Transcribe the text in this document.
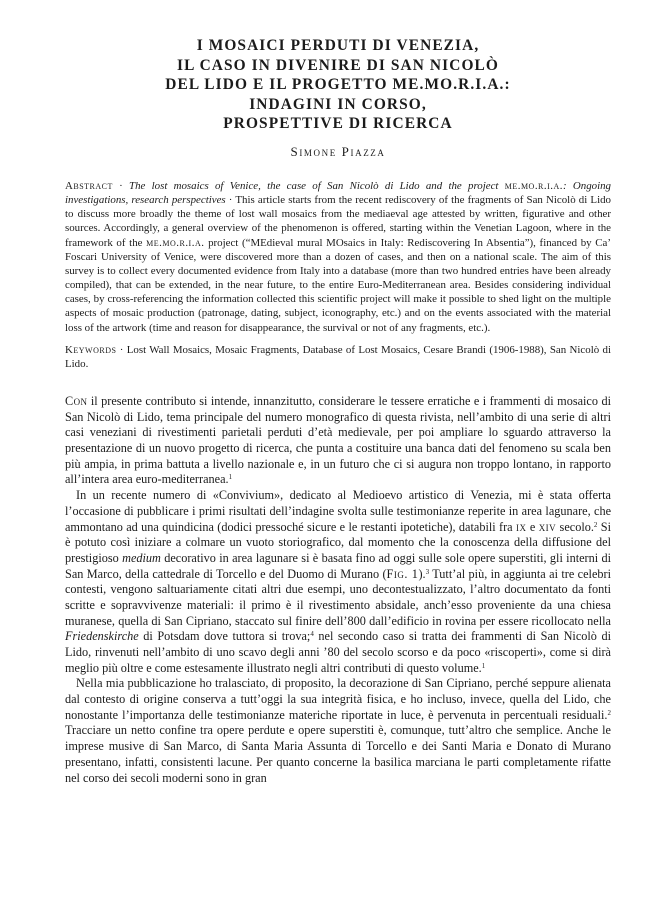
I MOSAICI PERDUTI DI VENEZIA,
IL CASO IN DIVENIRE DI SAN NICOLÒ
DEL LIDO E IL PROGETTO ME.MO.R.I.A.:
INDAGINI IN CORSO,
PROSPETTIVE DI RICERCA
Simone Piazza
Abstract · The lost mosaics of Venice, the case of San Nicolò di Lido and the project me.mo.r.i.a.: Ongoing investigations, research perspectives · This article starts from the recent rediscovery of the fragments of San Nicolò di Lido to discuss more broadly the theme of lost wall mosaics from the mediaeval age attested by written, figurative and other sources. Accordingly, a general overview of the phenomenon is offered, starting within the Venetian Lagoon, where in the framework of the me.mo.r.i.a. project (“MEdieval mural MOsaics in Italy: Rediscovering In Absentia”), financed by Ca’ Foscari University of Venice, were discovered more than a dozen of cases, and then on a national scale. The aim of this survey is to collect every documented evidence from Italy into a database (more than two hundred entries have been already compiled), that can be extended, in the near future, to the entire Euro-Mediterranean area. Besides considering individual cases, by cross-referencing the information collected this scientific project will make it possible to shed light on the multiple aspects of mosaic production (patronage, dating, subject, iconography, etc.) and on the events associated with the material loss of the artwork (time and reason for disappearance, the survival or not of any fragments, etc.).
Keywords · Lost Wall Mosaics, Mosaic Fragments, Database of Lost Mosaics, Cesare Brandi (1906-1988), San Nicolò di Lido.

Con il presente contributo si intende, innanzitutto, considerare le tessere erratiche e i frammenti di mosaico di San Nicolò di Lido, tema principale del numero monografico di questa rivista, nell’ambito di una serie di altri casi veneziani di rivestimenti parietali perduti d’età medievale, per poi ampliare lo sguardo attraverso la presentazione di un nuovo progetto di ricerca, che punta a costituire una banca dati del fenomeno su scala ben più ampia, in prima battuta a livello nazionale e, in un futuro che ci si augura non troppo lontano, in rapporto all’intera area euro-mediterranea.$^1$

In un recente numero di «Convivium», dedicato al Medioevo artistico di Venezia, mi è stata offerta l’occasione di pubblicare i primi risultati dell’indagine svolta sulle testimonianze reperite in area lagunare, che ammontano ad una quindicina (dodici pressoché sicure e le restanti ipotetiche), databili fra ix e xiv secolo.$^2$ Si è potuto così iniziare a colmare un vuoto storiografico, dal momento che la conoscenza della diffusione del prestigioso medium decorativo in area lagunare si è basata fino ad oggi sulle sole opere superstiti, gli interni di San Marco, della cattedrale di Torcello e del Duomo di Murano (Fig. 1).$^3$ Tutt’al più, in aggiunta ai tre celebri contesti, vengono saltuariamente citati altri due esempi, uno decontestualizzato, l’altro documentato da fonti scritte e sopravvivenze materiali: il primo è il rivestimento absidale, anch’esso proveniente da una chiesa muranese, quella di San Cipriano, staccato sul finire dell’800 dall’edificio in rovina per essere ricollocato nella Friedenskirche di Potsdam dove tuttora si trova;$^4$ nel secondo caso si tratta dei frammenti di San Nicolò di Lido, rinvenuti nell’ambito di uno scavo degli anni ’80 del secolo scorso e da poco «riscoperti», come si dirà meglio più oltre e come estesamente illustrato negli altri contributi di questo volume.$^1$

Nella mia pubblicazione ho tralasciato, di proposito, la decorazione di San Cipriano, perché seppure alienata dal contesto di origine conserva a tutt’oggi la sua integrità fisica, e ho incluso, invece, quella del Lido, che nonostante l’importanza delle testimonianze materiche riportate in luce, è pervenuta in percentuali residuali.$^2$ Tracciare un netto confine tra opere perdute e opere superstiti è, comunque, tutt’altro che semplice. Anche le imprese musive di San Marco, di Santa Maria Assunta di Torcello e dei Santi Maria e Donato di Murano presentano, infatti, consistenti lacune. Per quanto concerne la basilica marciana le parti completamente rifatte nel corso dei secoli moderni sono in gran
